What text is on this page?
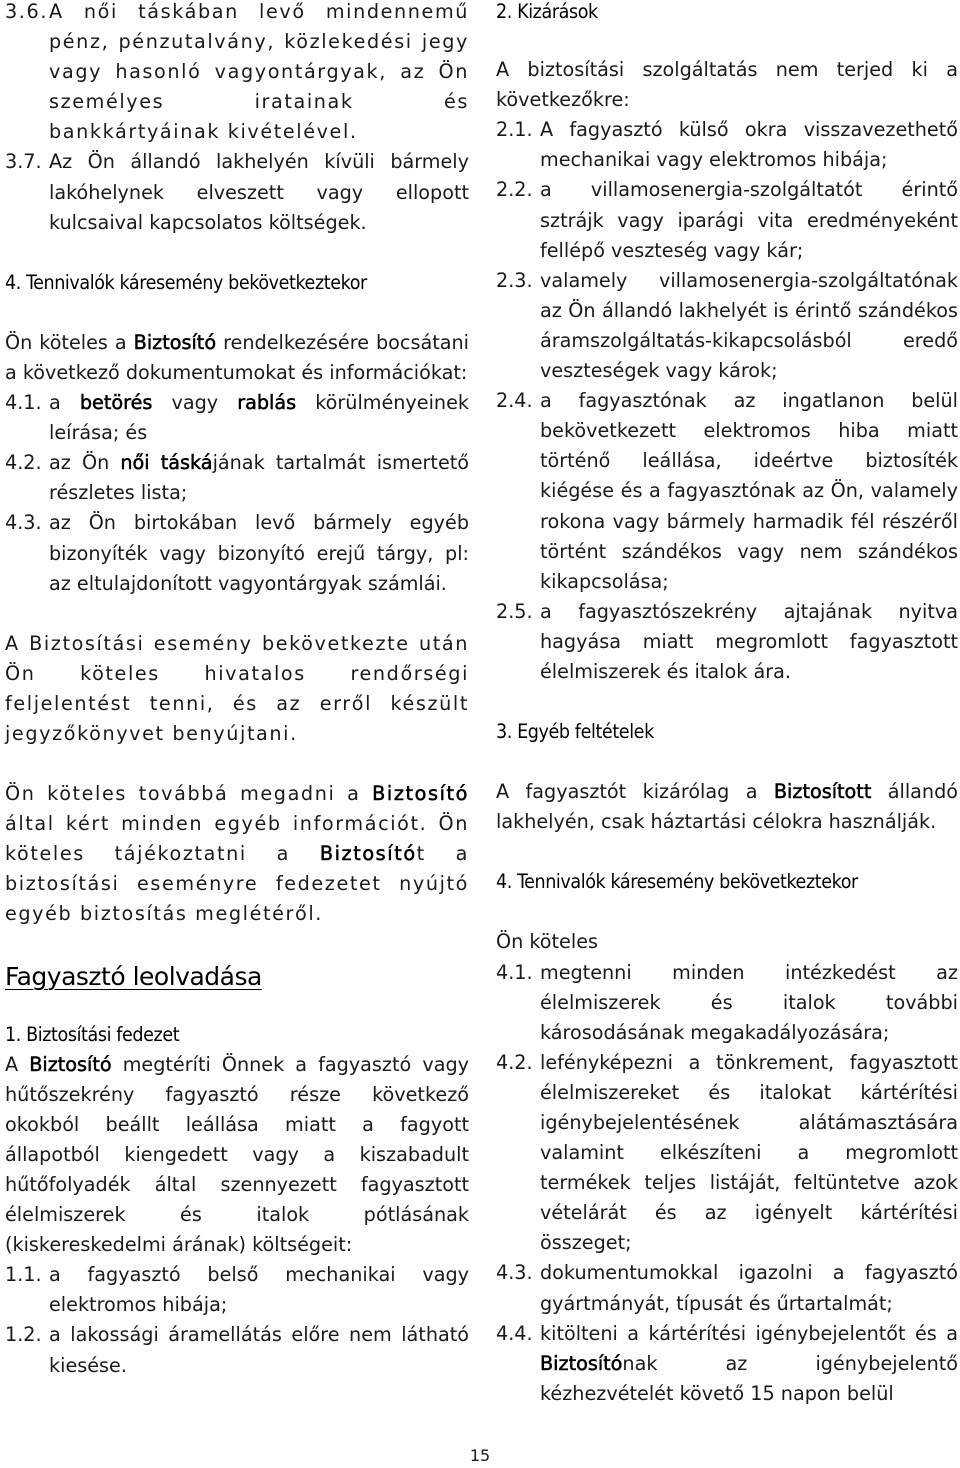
3.6. A női táskában levő mindennemű pénz, pénzutalvány, közlekedési jegy vagy hasonló vagyontárgyak, az Ön személyes iratainak és bankkártyáinak kivételével.
3.7. Az Ön állandó lakhelyén kívüli bármely lakóhelynek elveszett vagy ellopott kulcsaival kapcsolatos költségek.
4. Tennivalók káresemény bekövetkeztekor

Ön köteles a Biztosító rendelkezésére bocsátani a következő dokumentumokat és információkat:

4.1. a betörés vagy rablás körülményeinek leírása; és
4.2. az Ön női táskájának tartalmát ismertető részletes lista;
4.3. az Ön birtokában levő bármely egyéb bizonyíték vagy bizonyító erejű tárgy, pl: az eltulajdonított vagyontárgyak számlái.

A Biztosítási esemény bekövetkezte után Ön köteles hivatalos rendőrségi feljelentést tenni, és az erről készült jegyzőkönyvet benyújtani.

Ön köteles továbbá megadni a Biztosító által kért minden egyéb információt. Ön köteles tájékoztatni a Biztosítót a biztosítási eseményre fedezetet nyújtó egyéb biztosítás meglétéről.

Fagyasztó leolvadása
1. Biztosítási fedezet

A Biztosító megtéríti Önnek a fagyasztó vagy hűtőszekrény fagyasztó része következő okokból beállt leállása miatt a fagyott állapotból kiengedett vagy a kiszabadult hűtőfolyadék által szennyezett fagyasztott élelmiszerek és italok pótlásának (kiskereskedelmi árának) költségeit:

1.1. a fagyasztó belső mechanikai vagy elektromos hibája;
1.2. a lakossági áramellátás előre nem látható kiesése.
2. Kizárások

A biztosítási szolgáltatás nem terjed ki a következőkre:

2.1. A fagyasztó külső okra visszavezethető mechanikai vagy elektromos hibája;
2.2. a villamosenergia-szolgáltatót érintő sztrájk vagy iparági vita eredményeként fellépő veszteség vagy kár;
2.3. valamely villamosenergia-szolgáltatónak az Ön állandó lakhelyét is érintő szándékos áramszolgáltatás-kikapcsolásból eredő veszteségek vagy károk;
2.4. a fagyasztónak az ingatlanon belül bekövetkezett elektromos hiba miatt történő leállása, ideértve biztosíték kiégése és a fagyasztónak az Ön, valamely rokona vagy bármely harmadik fél részéről történt szándékos vagy nem szándékos kikapcsolása;
2.5. a fagyasztószekrény ajtajának nyitva hagyása miatt megromlott fagyasztott élelmiszerek és italok ára.
3. Egyéb feltételek

A fagyasztót kizárólag a Biztosított állandó lakhelyén, csak háztartási célokra használják.

4. Tennivalók káresemény bekövetkeztekor

Ön köteles

4.1. megtenni minden intézkedést az élelmiszerek és italok további károsodásának megakadályozására;
4.2. lefényképezni a tönkrement, fagyasztott élelmiszereket és italokat kártérítési igénybejelentésének alátámasztására valamint elkészíteni a megromlott termékek teljes listáját, feltüntetve azok vételárát és az igényelt kártérítési összeget;
4.3. dokumentumokkal igazolni a fagyasztó gyártmányát, típusát és űrtartalmát;
4.4. kitölteni a kártérítési igénybejelentőt és a Biztosítónak az igénybejelentő kézhezvételét követő 15 napon belül
15
